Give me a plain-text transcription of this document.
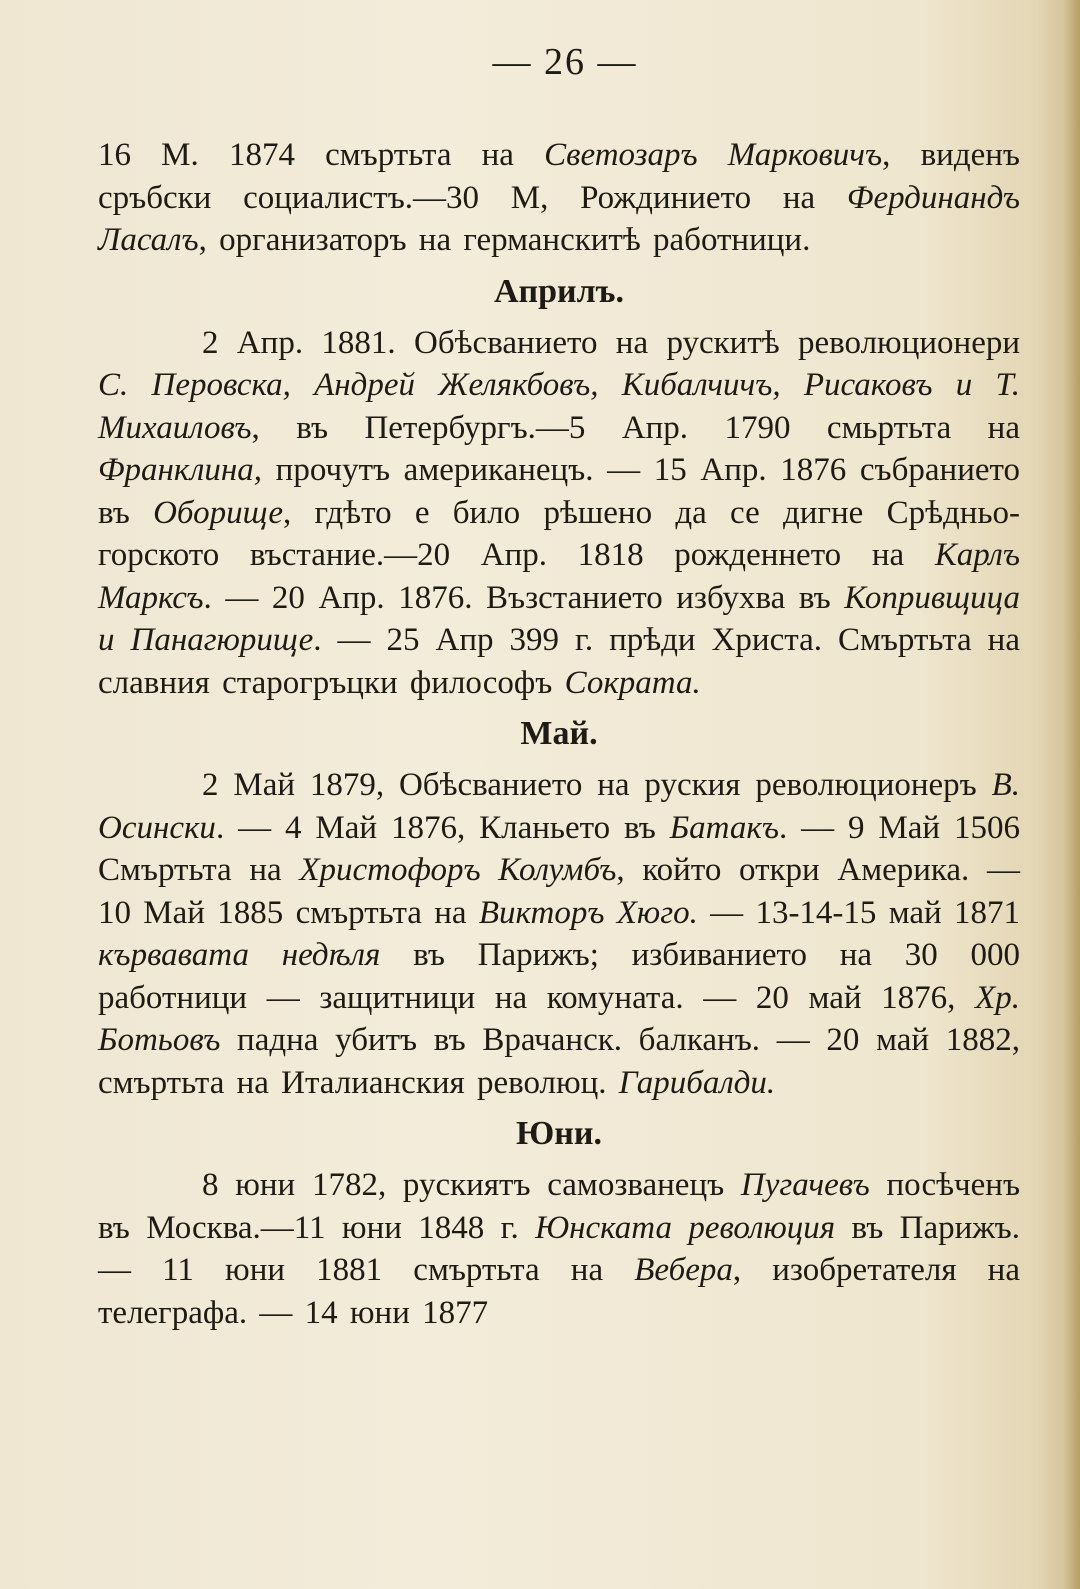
— 26 —

16 М. 1874 смъртьта на Светозаръ Марковичъ, виденъ сръбски социалистъ.—30 М, Рождинието на Фердинандъ Ласалъ, организаторъ на германскитѣ работници.

Априлъ.

2 Апр. 1881. Обѣсванието на рускитѣ революционери С. Перовска, Андрей Желякбовъ, Кибалчичъ, Рисаковъ и Т. Михаиловъ, въ Петербургъ.—5 Апр. 1790 смьртьта на Франклина, прочутъ американецъ. — 15 Апр. 1876 събранието въ Оборище, гдѣто е било рѣшено да се дигне Срѣдньо-горското въстание.—20 Апр. 1818 рожденнето на Карлъ Марксъ. — 20 Апр. 1876. Възстанието избухва въ Копривщица и Панагюрище. — 25 Апр 399 г. прѣди Христа. Смъртьта на славния старогръцки философъ Сократа.

Май.

2 Май 1879, Обѣсванието на руския революционеръ В. Осински. — 4 Май 1876, Кланьето въ Батакъ. — 9 Май 1506 Смъртьта на Христофоръ Колумбъ, който откри Америка. — 10 Май 1885 смъртьта на Викторъ Хюго. — 13-14-15 май 1871 кървавата недѣля въ Парижъ; избиванието на 30 000 работници — защитници на комуната. — 20 май 1876, Хр. Ботьовъ падна убитъ въ Врачанск. балканъ. — 20 май 1882, смъртьта на Италианския революц. Гарибалди.

Юни.

8 юни 1782, рускиятъ самозванецъ Пугачевъ посѣченъ въ Москва.—11 юни 1848 г. Юнската революция въ Парижъ. — 11 юни 1881 смъртьта на Вебера, изобретателя на телеграфа. — 14 юни 1877
